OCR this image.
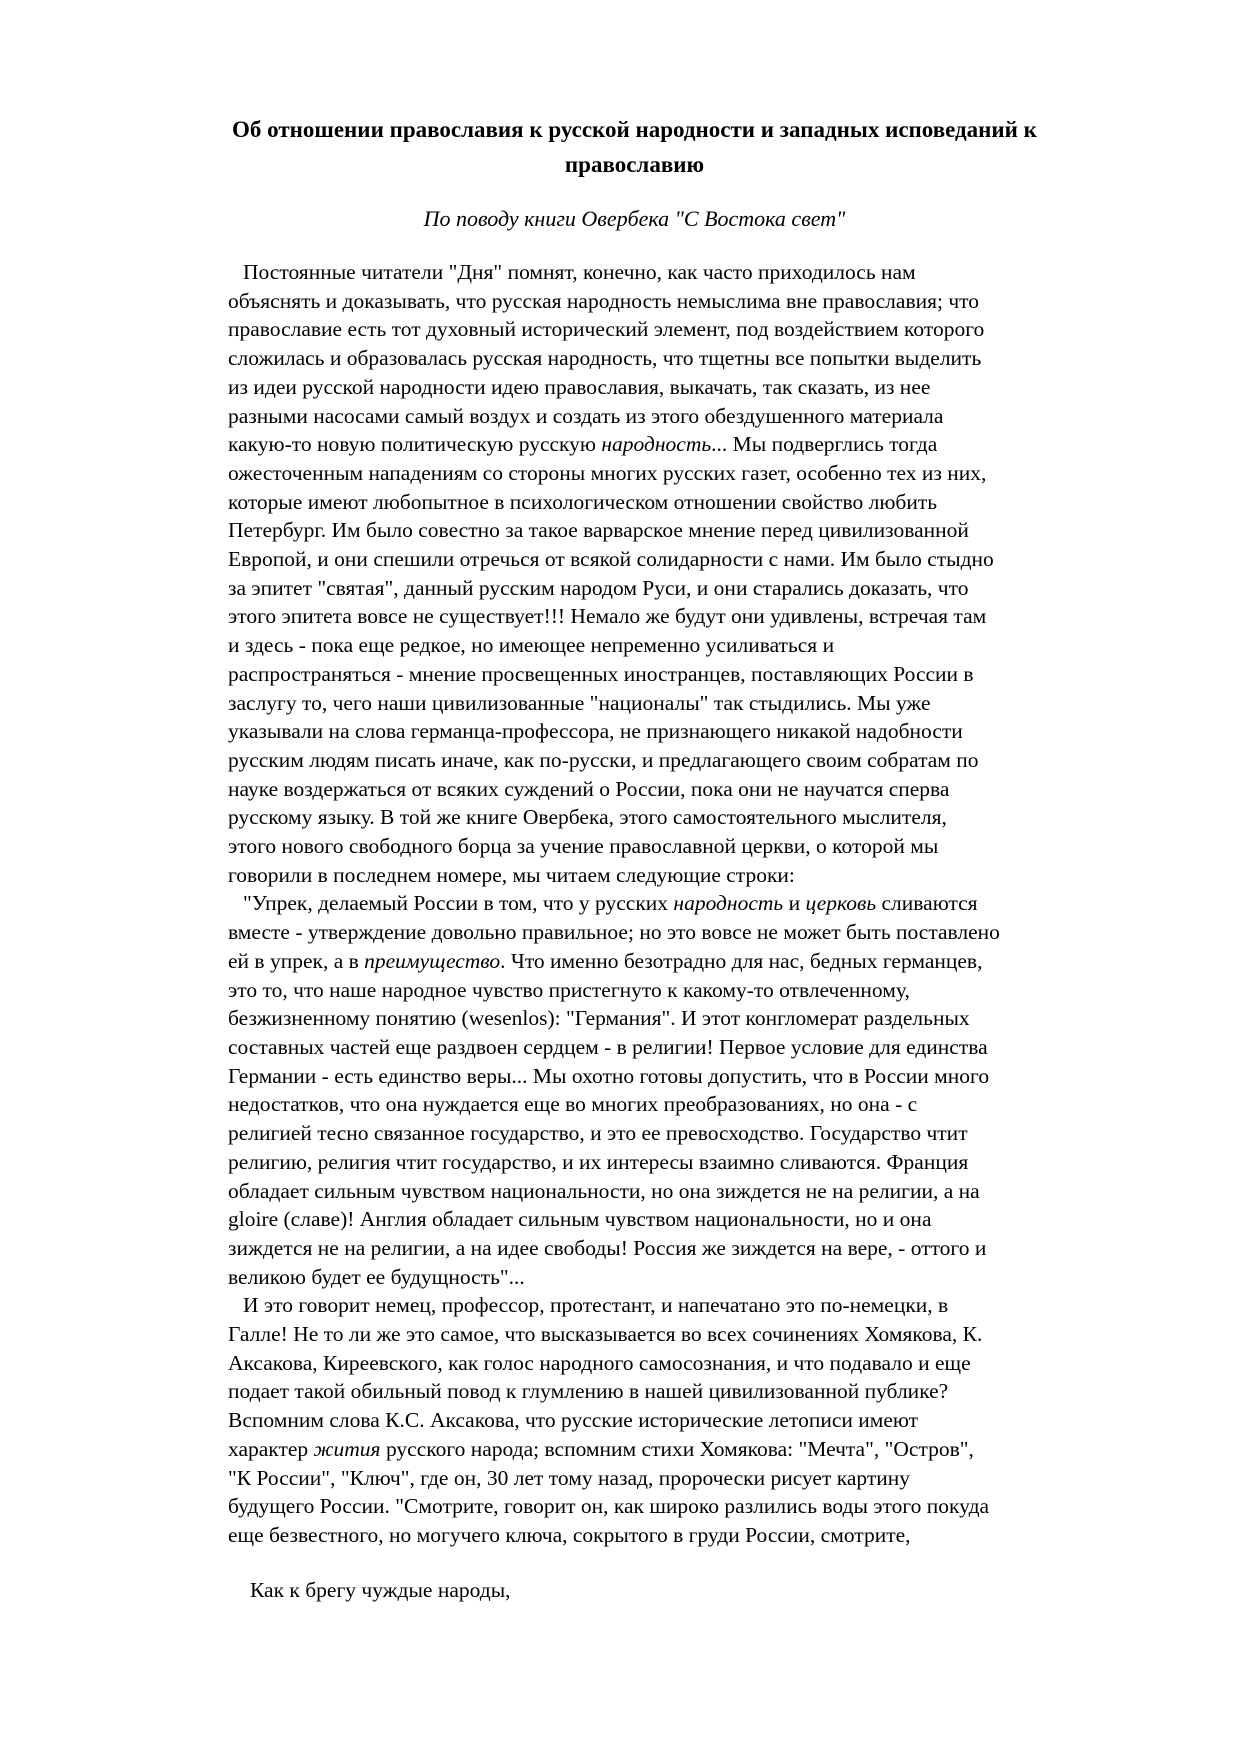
Об отношении православия к русской народности и западных исповеданий к
православию
По поводу книги Овербека "С Востока свет"
Постоянные читатели "Дня" помнят, конечно, как часто приходилось нам
объяснять и доказывать, что русская народность немыслима вне православия; что
православие есть тот духовный исторический элемент, под воздействием которого
сложилась и образовалась русская народность, что тщетны все попытки выделить
из идеи русской народности идею православия, выкачать, так сказать, из нее
разными насосами самый воздух и создать из этого обездушенного материала
какую-то новую политическую русскую народность... Мы подверглись тогда
ожесточенным нападениям со стороны многих русских газет, особенно тех из них,
которые имеют любопытное в психологическом отношении свойство любить
Петербург. Им было совестно за такое варварское мнение перед цивилизованной
Европой, и они спешили отречься от всякой солидарности с нами. Им было стыдно
за эпитет "святая", данный русским народом Руси, и они старались доказать, что
этого эпитета вовсе не существует!!! Немало же будут они удивлены, встречая там
и здесь - пока еще редкое, но имеющее непременно усиливаться и
распространяться - мнение просвещенных иностранцев, поставляющих России в
заслугу то, чего наши цивилизованные "националы" так стыдились. Мы уже
указывали на слова германца-профессора, не признающего никакой надобности
русским людям писать иначе, как по-русски, и предлагающего своим собратам по
науке воздержаться от всяких суждений о России, пока они не научатся сперва
русскому языку. В той же книге Овербека, этого самостоятельного мыслителя,
этого нового свободного борца за учение православной церкви, о которой мы
говорили в последнем номере, мы читаем следующие строки:
"Упрек, делаемый России в том, что у русских народность и церковь сливаются
вместе - утверждение довольно правильное; но это вовсе не может быть поставлено
ей в упрек, а в преимущество. Что именно безотрадно для нас, бедных германцев,
это то, что наше народное чувство пристегнуто к какому-то отвлеченному,
безжизненному понятию (wesenlos): "Германия". И этот конгломерат раздельных
составных частей еще раздвоен сердцем - в религии! Первое условие для единства
Германии - есть единство веры... Мы охотно готовы допустить, что в России много
недостатков, что она нуждается еще во многих преобразованиях, но она - с
религией тесно связанное государство, и это ее превосходство. Государство чтит
религию, религия чтит государство, и их интересы взаимно сливаются. Франция
обладает сильным чувством национальности, но она зиждется не на религии, а на
gloire (славе)! Англия обладает сильным чувством национальности, но и она
зиждется не на религии, а на идее свободы! Россия же зиждется на вере, - оттого и
великою будет ее будущность"...
И это говорит немец, профессор, протестант, и напечатано это по-немецки, в
Галле! Не то ли же это самое, что высказывается во всех сочинениях Хомякова, К.
Аксакова, Киреевского, как голос народного самосознания, и что подавало и еще
подает такой обильный повод к глумлению в нашей цивилизованной публике?
Вспомним слова К.С. Аксакова, что русские исторические летописи имеют
характер жития русского народа; вспомним стихи Хомякова: "Мечта", "Остров",
"К России", "Ключ", где он, 30 лет тому назад, пророчески рисует картину
будущего России. "Смотрите, говорит он, как широко разлились воды этого покуда
еще безвестного, но могучего ключа, сокрытого в груди России, смотрите,
Как к брегу чуждые народы,
